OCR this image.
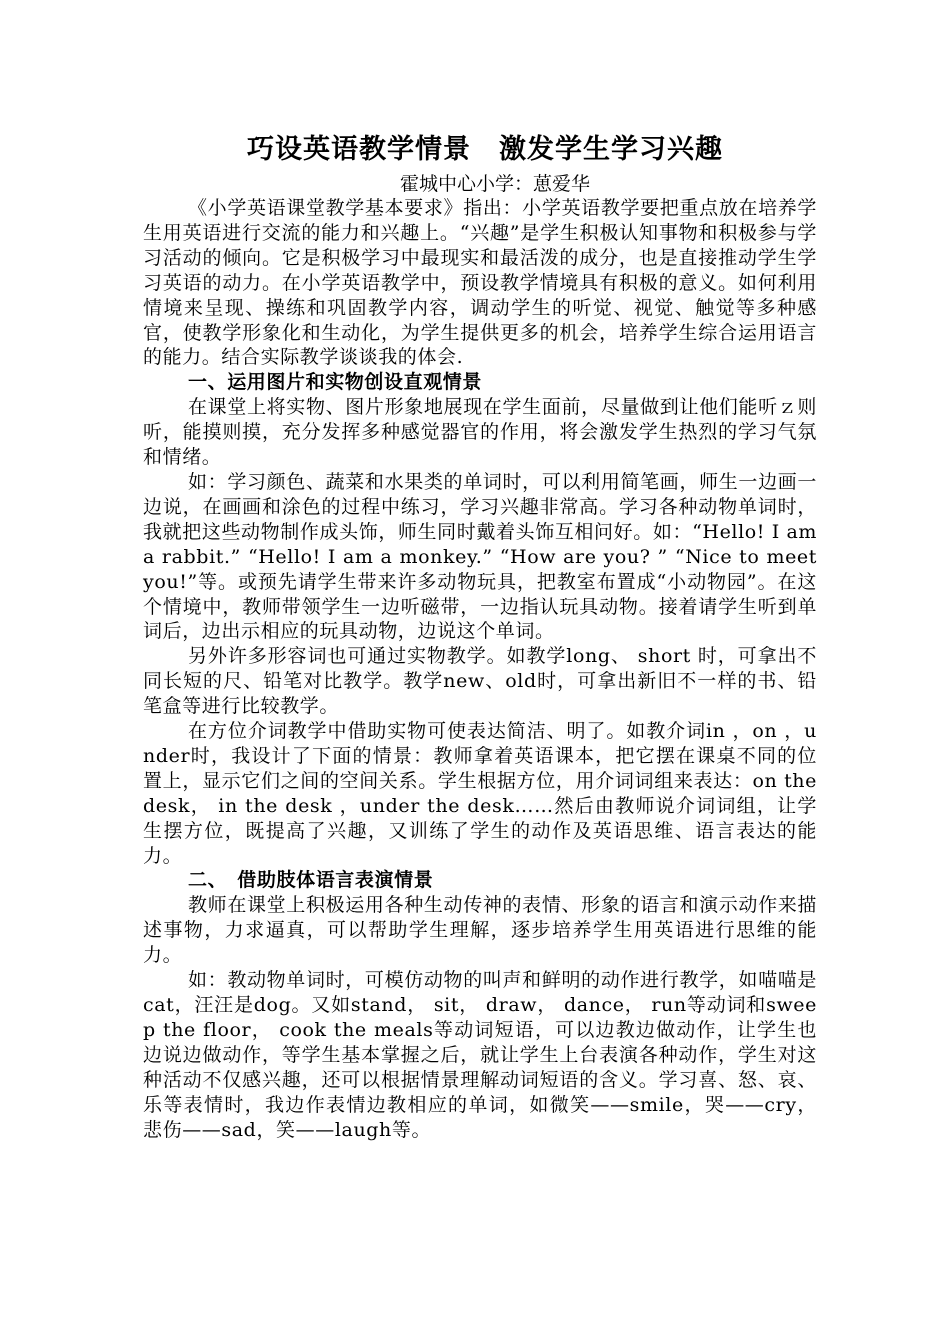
巧设英语教学情景　激发学生学习兴趣

霍城中心小学：葸爱华

《小学英语课堂教学基本要求》指出：小学英语教学要把重点放在培养学生用英语进行交流的能力和兴趣上。“兴趣”是学生积极认知事物和积极参与学习活动的倾向。它是积极学习中最现实和最活泼的成分，也是直接推动学生学习英语的动力。在小学英语教学中，预设教学情境具有积极的意义。如何利用情境来呈现、操练和巩固教学内容，调动学生的听觉、视觉、触觉等多种感官，使教学形象化和生动化，为学生提供更多的机会，培养学生综合运用语言的能力。结合实际教学谈谈我的体会.

一、运用图片和实物创设直观情景

在课堂上将实物、图片形象地展现在学生面前，尽量做到让他们能听ｚ则听，能摸则摸，充分发挥多种感觉器官的作用，将会激发学生热烈的学习气氛和情绪。

如：学习颜色、蔬菜和水果类的单词时，可以利用简笔画，师生一边画一边说，在画画和涂色的过程中练习，学习兴趣非常高。学习各种动物单词时，我就把这些动物制作成头饰，师生同时戴着头饰互相问好。如：“Hello! I am a rabbit.” “Hello! I am a monkey.” “How are you? ” “Nice to meet you!”等。或预先请学生带来许多动物玩具，把教室布置成“小动物园”。在这个情境中，教师带领学生一边听磁带，一边指认玩具动物。接着请学生听到单词后，边出示相应的玩具动物，边说这个单词。

另外许多形容词也可通过实物教学。如教学long、 short 时，可拿出不同长短的尺、铅笔对比教学。教学new、old时，可拿出新旧不一样的书、铅笔盒等进行比较教学。

在方位介词教学中借助实物可使表达简洁、明了。如教介词in ，on ，under时，我设计了下面的情景：教师拿着英语课本，把它摆在课桌不同的位置上，显示它们之间的空间关系。学生根据方位，用介词词组来表达：on the desk， in the desk ，under the desk……然后由教师说介词词组，让学生摆方位，既提高了兴趣，又训练了学生的动作及英语思维、语言表达的能力。

二、　借助肢体语言表演情景

教师在课堂上积极运用各种生动传神的表情、形象的语言和演示动作来描述事物，力求逼真，可以帮助学生理解，逐步培养学生用英语进行思维的能力。

如：教动物单词时，可模仿动物的叫声和鲜明的动作进行教学，如喵喵是cat，汪汪是dog。又如stand， sit， draw， dance， run等动词和sweep the floor， cook the meals等动词短语，可以边教边做动作，让学生也边说边做动作，等学生基本掌握之后，就让学生上台表演各种动作，学生对这种活动不仅感兴趣，还可以根据情景理解动词短语的含义。学习喜、怒、哀、乐等表情时，我边作表情边教相应的单词，如微笑——smile，哭——cry，悲伤——sad，笑——laugh等。
